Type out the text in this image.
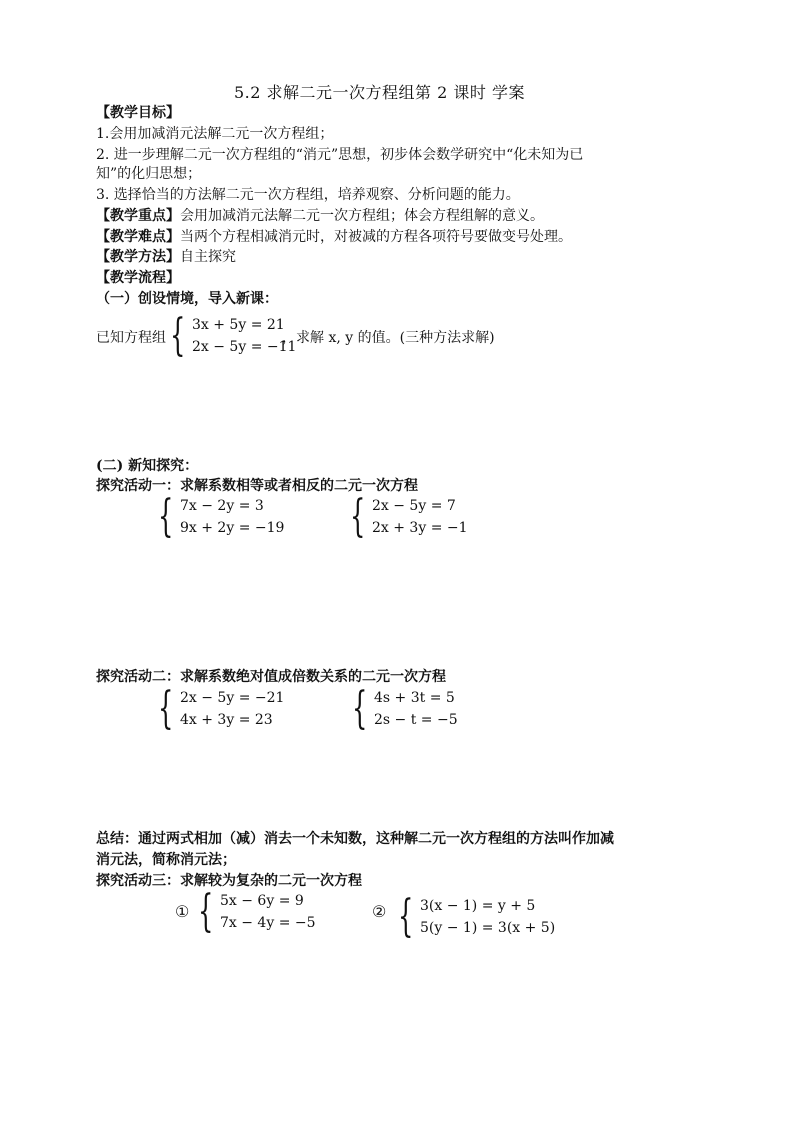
5.2 求解二元一次方程组第 2 课时 学案
【教学目标】
1.会用加减消元法解二元一次方程组；
2. 进一步理解二元一次方程组的“消元”思想，初步体会数学研究中“化未知为已
知”的化归思想；
3. 选择恰当的方法解二元一次方程组，培养观察、分析问题的能力。
【教学重点】会用加减消元法解二元一次方程组；体会方程组解的意义。
【教学难点】当两个方程相减消元时，对被减的方程各项符号要做变号处理。
【教学方法】自主探究
【教学流程】
（一）创设情境，导入新课：
已知方程组 { 3x + 5y = 21
2x − 5y = −11
，求解 x, y 的值。(三种方法求解)
(二) 新知探究：
探究活动一：求解系数相等或者相反的二元一次方程
{ 7x − 2y = 3
9x + 2y = −19 { 2x − 5y = 7
2x + 3y = −1
探究活动二：求解系数绝对值成倍数关系的二元一次方程
{ 2x − 5y = −21
4x + 3y = 23 { 4s + 3t = 5
2s − t = −5
总结：通过两式相加（减）消去一个未知数，这种解二元一次方程组的方法叫作加减
消元法，简称消元法；
探究活动三：求解较为复杂的二元一次方程
① { 5x − 6y = 9
7x − 4y = −5
② { 3(x − 1) = y + 5
5(y − 1) = 3(x + 5)
